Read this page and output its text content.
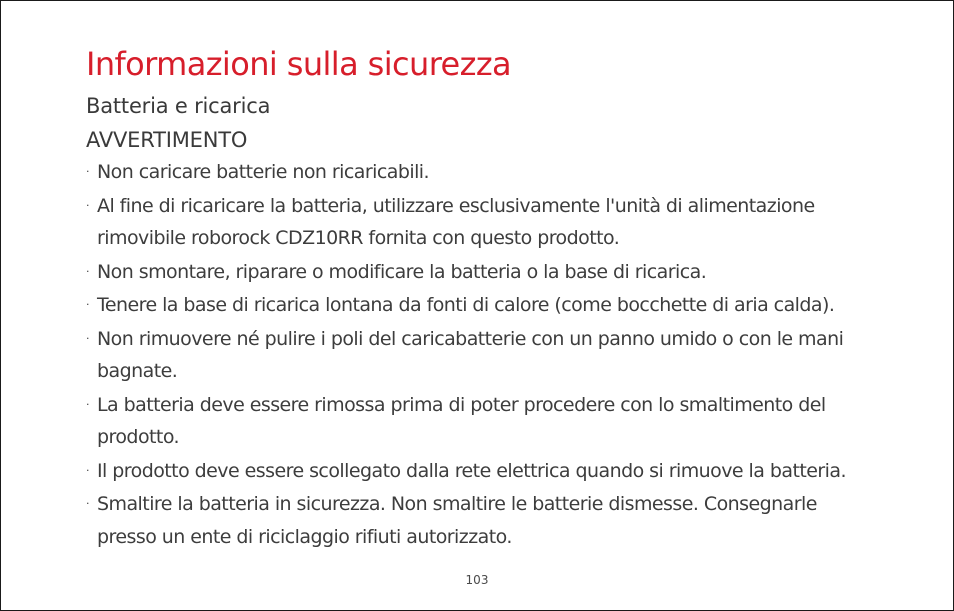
Informazioni sulla sicurezza
Batteria e ricarica
AVVERTIMENTO
· Non caricare batterie non ricaricabili.
· Al fine di ricaricare la batteria, utilizzare esclusivamente l'unità di alimentazione rimovibile roborock CDZ10RR fornita con questo prodotto.
· Non smontare, riparare o modificare la batteria o la base di ricarica.
· Tenere la base di ricarica lontana da fonti di calore (come bocchette di aria calda).
· Non rimuovere né pulire i poli del caricabatterie con un panno umido o con le mani bagnate.
· La batteria deve essere rimossa prima di poter procedere con lo smaltimento del prodotto.
· Il prodotto deve essere scollegato dalla rete elettrica quando si rimuove la batteria.
· Smaltire la batteria in sicurezza. Non smaltire le batterie dismesse. Consegnarle presso un ente di riciclaggio rifiuti autorizzato.
103
